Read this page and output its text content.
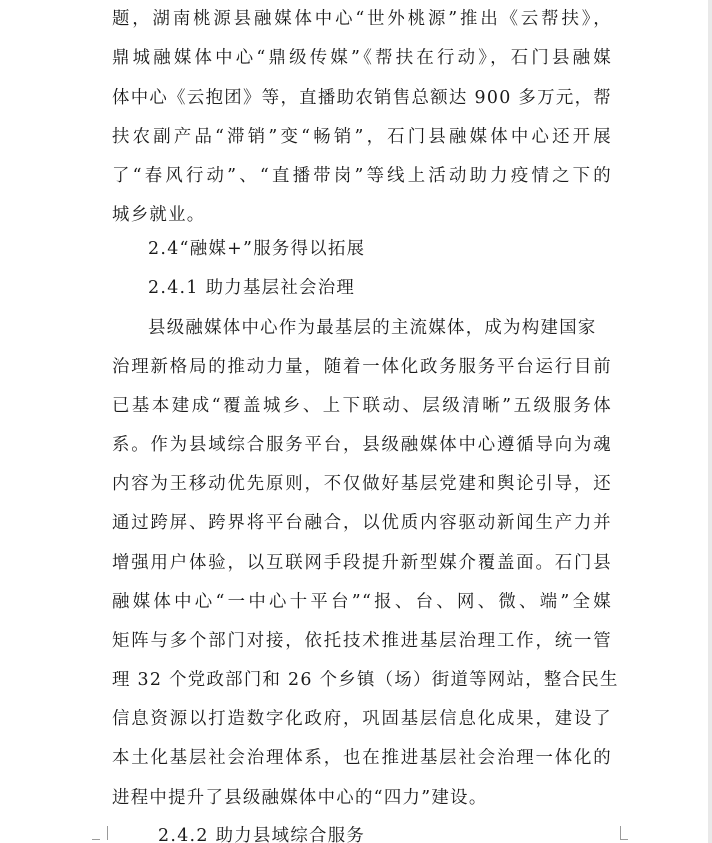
题，湖南桃源县融媒体中心“世外桃源”推出《云帮扶》，
鼎城融媒体中心“鼎级传媒”《帮扶在行动》，石门县融媒
体中心《云抱团》等，直播助农销售总额达 900 多万元，帮
扶农副产品“滞销”变“畅销”，石门县融媒体中心还开展
了“春风行动”、“直播带岗”等线上活动助力疫情之下的
城乡就业。
2.4“融媒+”服务得以拓展
2.4.1 助力基层社会治理
县级融媒体中心作为最基层的主流媒体，成为构建国家
治理新格局的推动力量，随着一体化政务服务平台运行目前
已基本建成“覆盖城乡、上下联动、层级清晰”五级服务体
系。作为县域综合服务平台，县级融媒体中心遵循导向为魂
内容为王移动优先原则，不仅做好基层党建和舆论引导，还
通过跨屏、跨界将平台融合，以优质内容驱动新闻生产力并
增强用户体验，以互联网手段提升新型媒介覆盖面。石门县
融媒体中心“一中心十平台”“报、台、网、微、端”全媒
矩阵与多个部门对接，依托技术推进基层治理工作，统一管
理 32 个党政部门和 26 个乡镇（场）街道等网站，整合民生
信息资源以打造数字化政府，巩固基层信息化成果，建设了
本土化基层社会治理体系，也在推进基层社会治理一体化的
进程中提升了县级融媒体中心的“四力”建设。
2.4.2 助力县域综合服务
